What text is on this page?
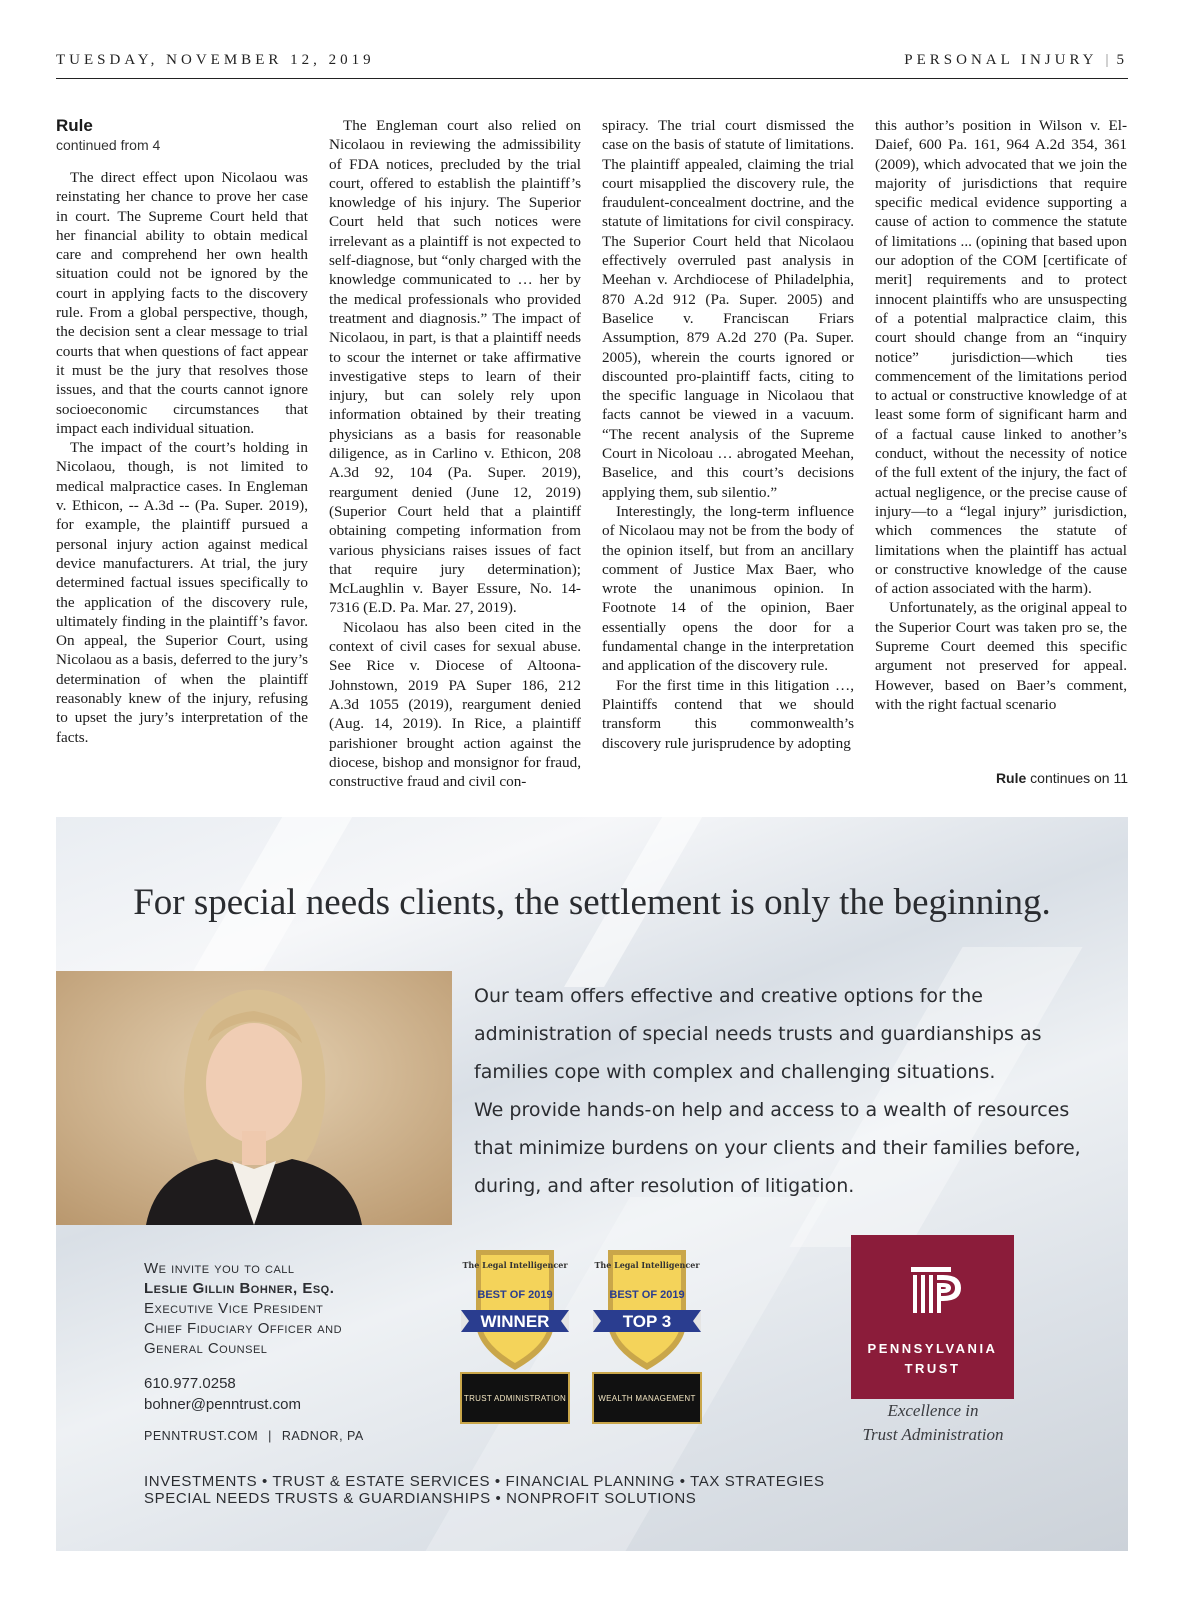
TUESDAY, NOVEMBER 12, 2019	PERSONAL INJURY | 5
Rule
continued from 4

The direct effect upon Nicolaou was reinstating her chance to prove her case in court. The Supreme Court held that her financial ability to obtain medical care and comprehend her own health situation could not be ignored by the court in applying facts to the discovery rule. From a global perspective, though, the decision sent a clear message to trial courts that when questions of fact appear it must be the jury that resolves those issues, and that the courts cannot ignore socioeconomic circumstances that impact each individual situation.

The impact of the court’s holding in Nicolaou, though, is not limited to medical malpractice cases. In Engleman v. Ethicon, -- A.3d -- (Pa. Super. 2019), for example, the plaintiff pursued a personal injury action against medical device manufacturers. At trial, the jury determined factual issues specifically to the application of the discovery rule, ultimately finding in the plaintiff’s favor. On appeal, the Superior Court, using Nicolaou as a basis, deferred to the jury’s determination of when the plaintiff reasonably knew of the injury, refusing to upset the jury’s interpretation of the facts.

The Engleman court also relied on Nicolaou in reviewing the admissibility of FDA notices, precluded by the trial court, offered to establish the plaintiff’s knowledge of his injury. The Superior Court held that such notices were irrelevant as a plaintiff is not expected to self-diagnose, but “only charged with the knowledge communicated to … her by the medical professionals who provided treatment and diagnosis.” The impact of Nicolaou, in part, is that a plaintiff needs to scour the internet or take affirmative investigative steps to learn of their injury, but can solely rely upon information obtained by their treating physicians as a basis for reasonable diligence, as in Carlino v. Ethicon, 208 A.3d 92, 104 (Pa. Super. 2019), reargument denied (June 12, 2019) (Superior Court held that a plaintiff obtaining competing information from various physicians raises issues of fact that require jury determination); McLaughlin v. Bayer Essure, No. 14-7316 (E.D. Pa. Mar. 27, 2019).

Nicolaou has also been cited in the context of civil cases for sexual abuse. See Rice v. Diocese of Altoona-Johnstown, 2019 PA Super 186, 212 A.3d 1055 (2019), reargument denied (Aug. 14, 2019). In Rice, a plaintiff parishioner brought action against the diocese, bishop and monsignor for fraud, constructive fraud and civil con-

spiracy. The trial court dismissed the case on the basis of statute of limitations. The plaintiff appealed, claiming the trial court misapplied the discovery rule, the fraudulent-concealment doctrine, and the statute of limitations for civil conspiracy. The Superior Court held that Nicolaou effectively overruled past analysis in Meehan v. Archdiocese of Philadelphia, 870 A.2d 912 (Pa. Super. 2005) and Baselice v. Franciscan Friars Assumption, 879 A.2d 270 (Pa. Super. 2005), wherein the courts ignored or discounted pro-plaintiff facts, citing to the specific language in Nicolaou that facts cannot be viewed in a vacuum. “The recent analysis of the Supreme Court in Nicoloau … abrogated Meehan, Baselice, and this court’s decisions applying them, sub silentio.”

Interestingly, the long-term influence of Nicolaou may not be from the body of the opinion itself, but from an ancillary comment of Justice Max Baer, who wrote the unanimous opinion. In Footnote 14 of the opinion, Baer essentially opens the door for a fundamental change in the interpretation and application of the discovery rule.

For the first time in this litigation …, Plaintiffs contend that we should transform this commonwealth’s discovery rule jurisprudence by adopting

this author’s position in Wilson v. El-Daief, 600 Pa. 161, 964 A.2d 354, 361 (2009), which advocated that we join the majority of jurisdictions that require specific medical evidence supporting a cause of action to commence the statute of limitations ... (opining that based upon our adoption of the COM [certificate of merit] requirements and to protect innocent plaintiffs who are unsuspecting of a potential malpractice claim, this court should change from an “inquiry notice” jurisdiction—which ties commencement of the limitations period to actual or constructive knowledge of at least some form of significant harm and of a factual cause linked to another’s conduct, without the necessity of notice of the full extent of the injury, the fact of actual negligence, or the precise cause of injury—to a “legal injury” jurisdiction, which commences the statute of limitations when the plaintiff has actual or constructive knowledge of the cause of action associated with the harm).

Unfortunately, as the original appeal to the Superior Court was taken pro se, the Supreme Court deemed this specific argument not preserved for appeal. However, based on Baer’s comment, with the right factual scenario

Rule continues on 11
For special needs clients, the settlement is only the beginning.

Our team offers effective and creative options for the administration of special needs trusts and guardianships as families cope with complex and challenging situations.

We provide hands-on help and access to a wealth of resources that minimize burdens on your clients and their families before, during, and after resolution of litigation.

We invite you to call
Leslie Gillin Bohner, Esq.
Executive Vice President
Chief Fiduciary Officer and
General Counsel
610.977.0258
bohner@penntrust.com
PENNTRUST.COM | RADNOR, PA
The Legal Intelligencer
BEST OF 2019
WINNER
TRUST ADMINISTRATION
The Legal Intelligencer
BEST OF 2019
TOP 3
WEALTH MANAGEMENT
PENNSYLVANIA
TRUST
Excellence in
Trust Administration
INVESTMENTS • TRUST & ESTATE SERVICES • FINANCIAL PLANNING • TAX STRATEGIES
SPECIAL NEEDS TRUSTS & GUARDIANSHIPS • NONPROFIT SOLUTIONS
